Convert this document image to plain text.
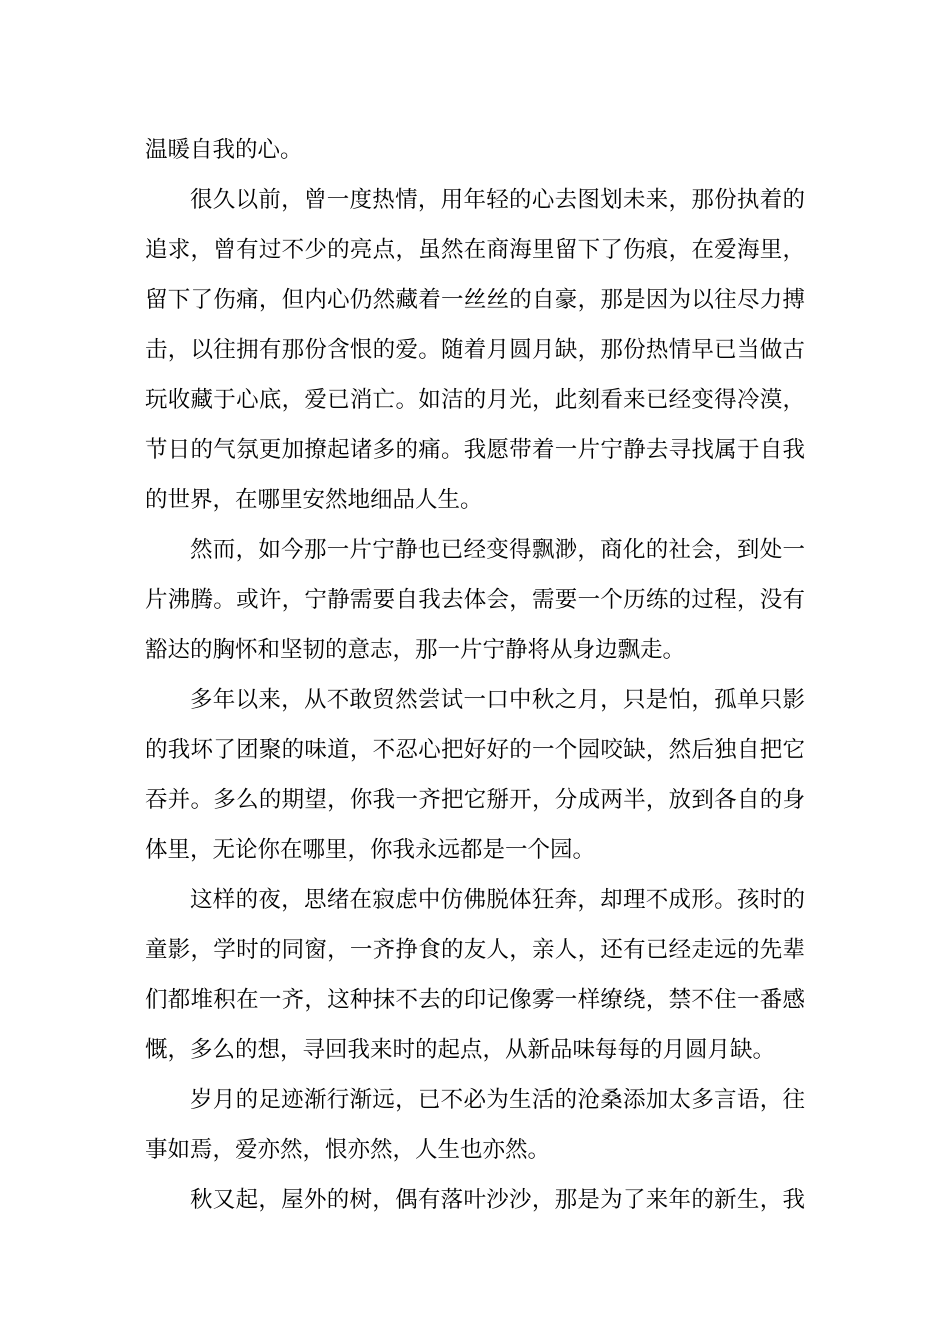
温暖自我的心。
很久以前，曾一度热情，用年轻的心去图划未来，那份执着的
追求，曾有过不少的亮点，虽然在商海里留下了伤痕，在爱海里，
留下了伤痛，但内心仍然藏着一丝丝的自豪，那是因为以往尽力搏
击，以往拥有那份含恨的爱。随着月圆月缺，那份热情早已当做古
玩收藏于心底，爱已消亡。如洁的月光，此刻看来已经变得冷漠，
节日的气氛更加撩起诸多的痛。我愿带着一片宁静去寻找属于自我
的世界，在哪里安然地细品人生。
然而，如今那一片宁静也已经变得飘渺，商化的社会，到处一
片沸腾。或许，宁静需要自我去体会，需要一个历练的过程，没有
豁达的胸怀和坚韧的意志，那一片宁静将从身边飘走。
多年以来，从不敢贸然尝试一口中秋之月，只是怕，孤单只影
的我坏了团聚的味道，不忍心把好好的一个园咬缺，然后独自把它
吞并。多么的期望，你我一齐把它掰开，分成两半，放到各自的身
体里，无论你在哪里，你我永远都是一个园。
这样的夜，思绪在寂虑中仿佛脱体狂奔，却理不成形。孩时的
童影，学时的同窗，一齐挣食的友人，亲人，还有已经走远的先辈
们都堆积在一齐，这种抹不去的印记像雾一样缭绕，禁不住一番感
慨，多么的想，寻回我来时的起点，从新品味每每的月圆月缺。
岁月的足迹渐行渐远，已不必为生活的沧桑添加太多言语，往
事如焉，爱亦然，恨亦然，人生也亦然。
秋又起，屋外的树，偶有落叶沙沙，那是为了来年的新生，我
